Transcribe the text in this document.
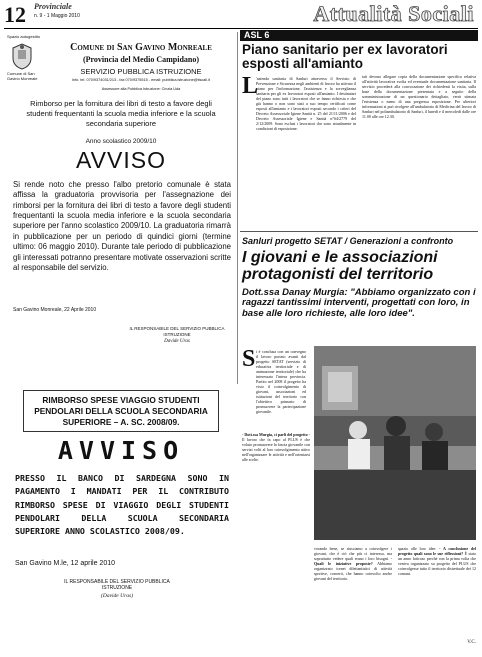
12 Provinciale
n. 9 - 1 Maggio 2010	Attualità Sociali
Spazio autogestito
Comune di San Gavino Monreale
Comune di San Gavino Monreale
(Provincia del Medio Campidano)
SERVIZIO PUBBLICA ISTRUZIONE
Info. tel. 070/9374031/213 - fax 070/9375515 - email: pubblica.istruzione@tiscali.it
Assessore alla Pubblica Istruzione: Cinzia Uda
Rimborso per la fornitura dei libri di testo a favore degli studenti frequentanti la scuola media inferiore e la scuola secondaria superiore
Anno scolastico 2009/10
AVVISO
Si rende noto che presso l'albo pretorio comunale è stata affissa la graduatoria provvisoria per l'assegnazione dei rimborsi per la fornitura dei libri di testo a favore degli studenti frequentanti la scuola media inferiore e la scuola secondaria superiore per l'anno scolastico 2009/10. La graduatoria rimarrà in pubblicazione per un periodo di quindici giorni (termine ultimo: 06 maggio 2010). Durante tale periodo di pubblicazione gli interessati potranno presentare motivate osservazioni scritte al responsabile del servizio.
San Gavino Monreale, 22 Aprile 2010
IL RESPONSABILE DEL SERVIZIO PUBBLICA ISTRUZIONE
Davide Uras
RIMBORSO SPESE VIAGGIO STUDENTI PENDOLARI DELLA SCUOLA SECONDARIA SUPERIORE – A. SC. 2008/09.
AVVISO
PRESSO IL BANCO DI SARDEGNA SONO IN PAGAMENTO I MANDATI PER IL CONTRIBUTO RIMBORSO SPESE DI VIAGGIO DEGLI STUDENTI PENDOLARI DELLA SCUOLA SECONDARIA SUPERIORE ANNO SCOLASTICO 2008/09.
San Gavino M.le, 12 aprile 2010
IL RESPONSABILE DEL SERVIZIO PUBBLICA ISTRUZIONE
(Davide Uras)
ASL 6
Piano sanitario per ex lavoratori esposti all'amianto
L
'azienda sanitaria di Sanluri attraverso il Servizio di Prevenzione e Sicurezza negli ambienti di lavoro ha attivato il piano per l'informazione, l'assistenza e la sorveglianza sanitaria per gli ex lavoratori esposti all'amianto. I destinatari del piano sono tutti i lavoratori che se fanno richiesta e che già hanno o non sono stati a suo tempo certificati come esposti all'amianto e i lavoratori esposti secondo i criteri del Decreto Assessoriale Igiene Sanità n. 25 del 21/11/2006 e del Decreto Assessoriale Igiene e Sanità n°64/2779 del 2/12/2009. Sono esclusi i lavoratori che sono attualmente in condizioni di esposizione.
tati devono allegare copia della documentazione specifica relativa all'attività lavorativa svolta ed eventuale documentazione sanitaria. Il servizio procederà alla convocazione dei richiedenti la visita, sulla base della documentazione presentata e a seguito della somministrazione di un questionario dettagliato, verrà stimata l'esistenza o meno di una pregressa esposizione. Per ulteriori informazioni si può rivolgere all'ambulatorio di Medicina del lavoro di Sanluri nel poliambulatorio di Sanluri, il lunedì e il mercoledì dalle ore 11.00 alle ore 12.30.
Sanluri progetto SETAT / Generazioni a confronto
I giovani e le associazioni protagonisti del territorio
Dott.ssa Danay Murgia: "Abbiamo organizzato con i ragazzi tantissimi interventi, progettati con loro, in base alle loro richieste, alle loro idee".
S i è conclusa con un convegno il lavoro portato avanti dal progetto SETAT (servizio di educativa territoriale e di animazione territoriale) che ha interessato l'intera provincia. Partito nel 2008 il progetto ha visto il coinvolgimento di giovani, associazioni ed istituzioni del territorio con l'obiettivo primario di promuovere la partecipazione giovanile.
- Dott.ssa Murgia, ci parli del progetto - Il lavoro che fa capo al PLUS è che voluto promuovere la fascia giovanile con servizi volti al loro coinvolgimento attivo nell'organizzare le attività e nell'orientarsi alle scelte.
vorando bene, se riusciamo a coinvolgere i giovani, che è ciò che più ci interessa, ma soprattutto vedere quali erano i loro bisogni. - Quali le iniziative proposte? Abbiamo organizzato tornei dilettantistici di attività sportive, concerti, che hanno coinvolto anche giovani del territorio.
spazio alle loro idee. - A conclusione del progetto quali sono le sue riflessioni? È stato un anno faticoso perché con la prima volta che veniva organizzato su progetto del PLUS che coinvolgesse tutto il territorio distrettuale dei 12 comuni.
V.C.
